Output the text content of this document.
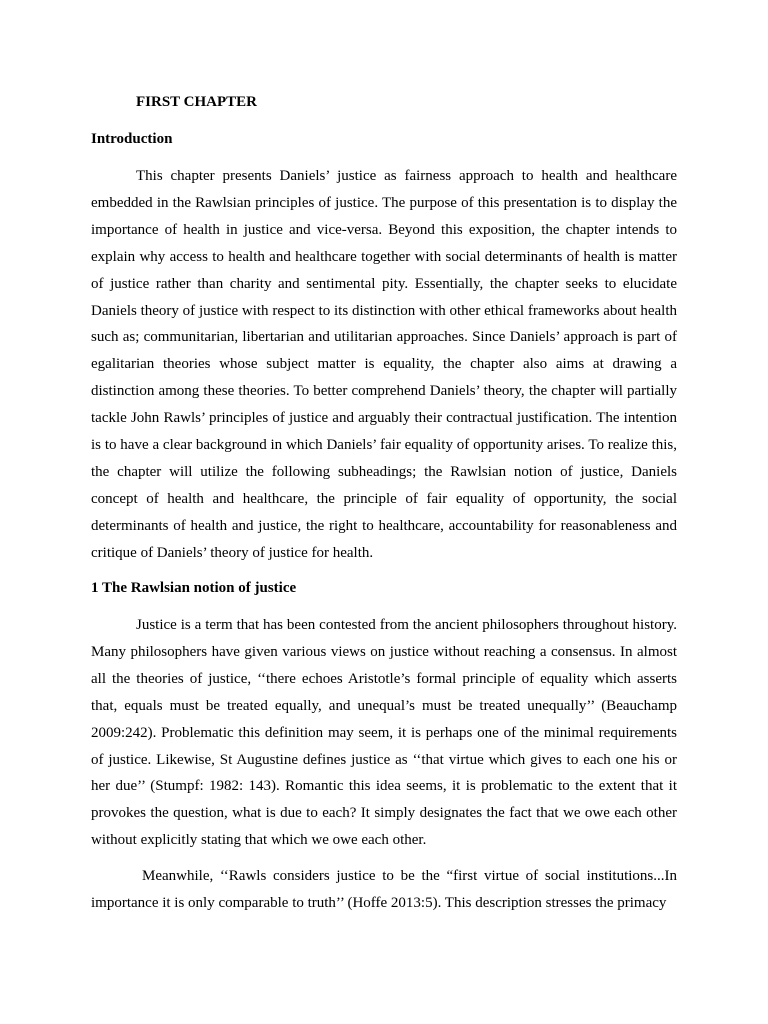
FIRST CHAPTER
Introduction

This chapter presents Daniels’ justice as fairness approach to health and healthcare embedded in the Rawlsian principles of justice. The purpose of this presentation is to display the importance of health in justice and vice-versa. Beyond this exposition, the chapter intends to explain why access to health and healthcare together with social determinants of health is matter of justice rather than charity and sentimental pity. Essentially, the chapter seeks to elucidate Daniels theory of justice with respect to its distinction with other ethical frameworks about health such as; communitarian, libertarian and utilitarian approaches. Since Daniels’ approach is part of egalitarian theories whose subject matter is equality, the chapter also aims at drawing a distinction among these theories. To better comprehend Daniels’ theory, the chapter will partially tackle John Rawls’ principles of justice and arguably their contractual justification. The intention is to have a clear background in which Daniels’ fair equality of opportunity arises. To realize this, the chapter will utilize the following subheadings; the Rawlsian notion of justice, Daniels concept of health and healthcare, the principle of fair equality of opportunity, the social determinants of health and justice, the right to healthcare, accountability for reasonableness and critique of Daniels’ theory of justice for health.

1 The Rawlsian notion of justice

Justice is a term that has been contested from the ancient philosophers throughout history. Many philosophers have given various views on justice without reaching a consensus. In almost all the theories of justice, ‘‘there echoes Aristotle’s formal principle of equality which asserts that, equals must be treated equally, and unequal’s must be treated unequally’’ (Beauchamp 2009:242). Problematic this definition may seem, it is perhaps one of the minimal requirements of justice. Likewise, St Augustine defines justice as ‘‘that virtue which gives to each one his or her due’’ (Stumpf: 1982: 143). Romantic this idea seems, it is problematic to the extent that it provokes the question, what is due to each? It simply designates the fact that we owe each other without explicitly stating that which we owe each other.

Meanwhile, ‘‘Rawls considers justice to be the “first virtue of social institutions...In importance it is only comparable to truth’’ (Hoffe 2013:5). This description stresses the primacy
